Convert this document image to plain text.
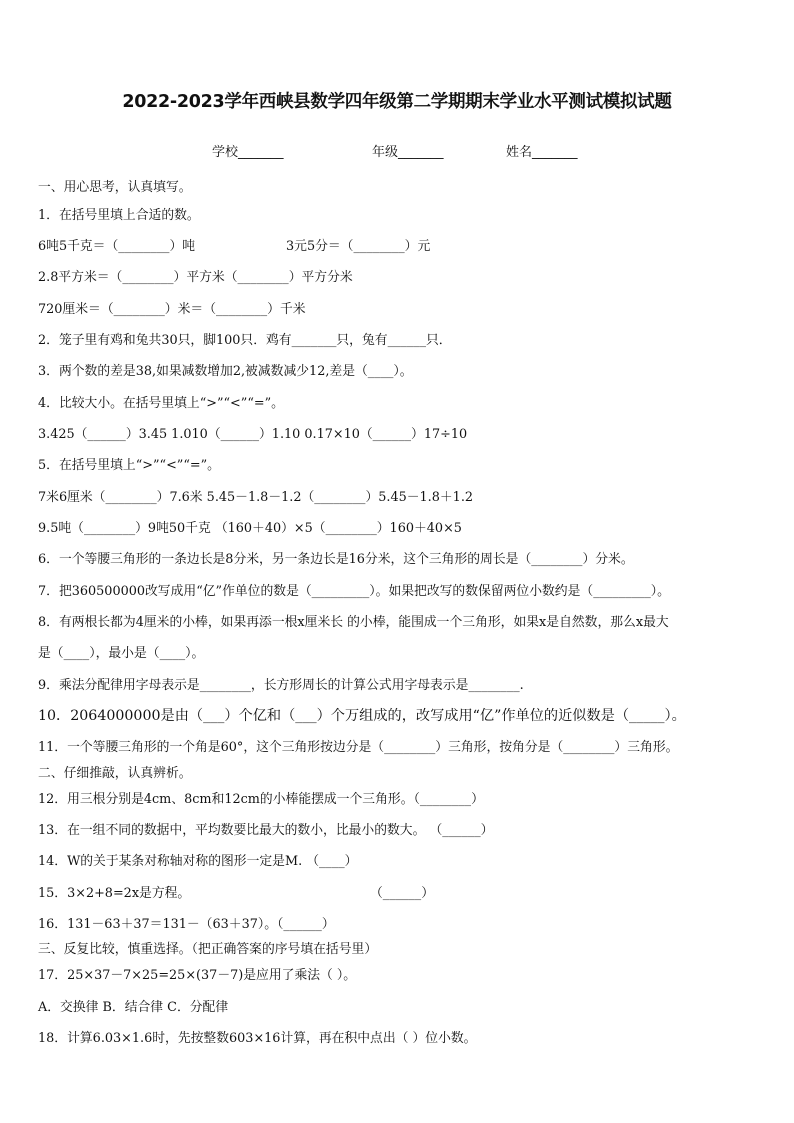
2022-2023学年西峡县数学四年级第二学期期末学业水平测试模拟试题
学校_______	年级_______	姓名_______
一、用心思考，认真填写。
1．在括号里填上合适的数。
6吨5千克＝（________）吨	3元5分＝（________）元
2.8平方米＝（________）平方米（________）平方分米
720厘米＝（________）米＝（________）千米
2．笼子里有鸡和兔共30只，脚100只．鸡有_______只，兔有______只．
3．两个数的差是38,如果减数增加2,被减数减少12,差是（____）。
4．比较大小。在括号里填上“>”“<”“=”。
3.425（______）3.45 1.010（______）1.10 0.17×10（______）17÷10
5．在括号里填上“>”“<”“=”。
7米6厘米（________）7.6米 5.45－1.8－1.2（________）5.45－1.8＋1.2
9.5吨（________）9吨50千克 （160＋40）×5（________）160＋40×5
6．一个等腰三角形的一条边长是8分米，另一条边长是16分米，这个三角形的周长是（________）分米。
7．把360500000改写成用“亿”作单位的数是（_________）。如果把改写的数保留两位小数约是（_________）。
8．有两根长都为4厘米的小棒，如果再添一根x厘米长 的小棒，能围成一个三角形，如果x是自然数，那么x最大
是（____），最小是（____）。
9．乘法分配律用字母表示是________，长方形周长的计算公式用字母表示是________.
10．2064000000是由（___）个亿和（___）个万组成的，改写成用“亿”作单位的近似数是（_____）。
11．一个等腰三角形的一个角是60°，这个三角形按边分是（________）三角形，按角分是（________）三角形。
二、仔细推敲，认真辨析。
12．用三根分别是4cm、8cm和12cm的小棒能摆成一个三角形。（________）
13．在一组不同的数据中，平均数要比最大的数小，比最小的数大。 （______）
14．W的关于某条对称轴对称的图形一定是M. （____）
15．3×2+8=2x是方程。	（______）
16．131－63＋37＝131－（63＋37）。（______）
三、反复比较，慎重选择。（把正确答案的序号填在括号里）
17．25×37－7×25=25×(37－7)是应用了乘法（ ）。
A．交换律 B．结合律 C．分配律
18．计算6.03×1.6时，先按整数603×16计算，再在积中点出（ ）位小数。
